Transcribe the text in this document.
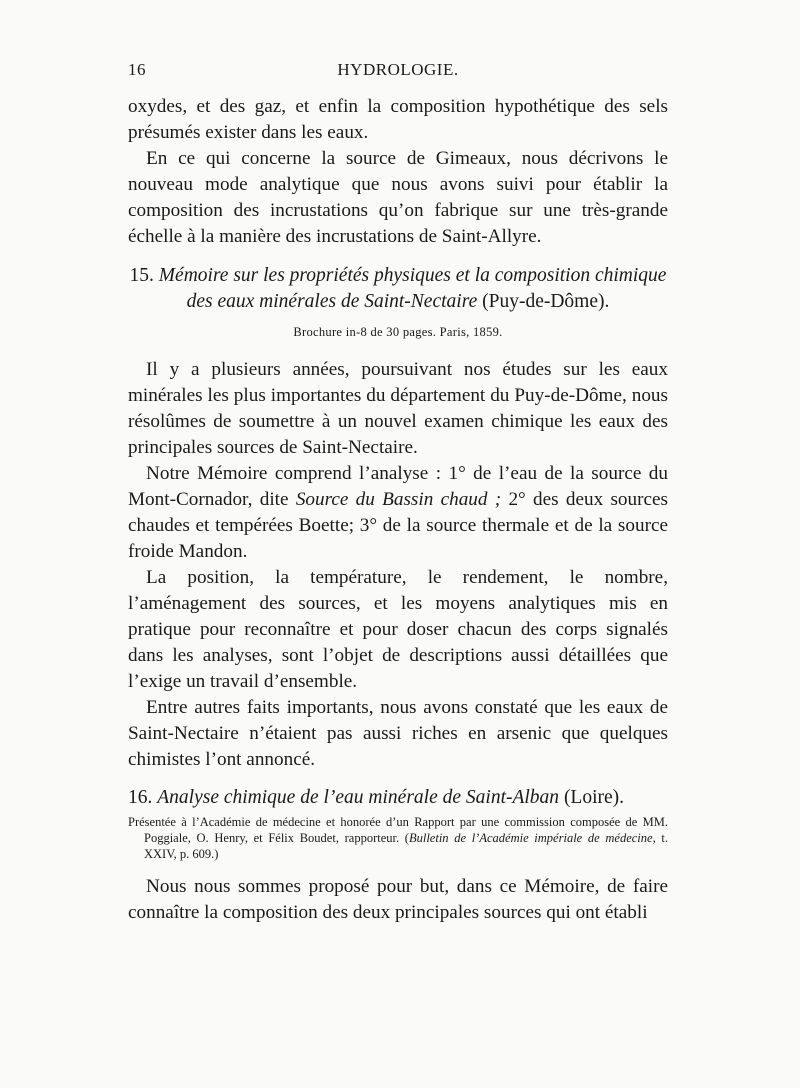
16	HYDROLOGIE.

oxydes, et des gaz, et enfin la composition hypothétique des sels présumés exister dans les eaux.

En ce qui concerne la source de Gimeaux, nous décrivons le nouveau mode analytique que nous avons suivi pour établir la composition des incrustations qu’on fabrique sur une très-grande échelle à la manière des incrustations de Saint-Allyre.

15. Mémoire sur les propriétés physiques et la composition chimique des eaux minérales de Saint-Nectaire (Puy-de-Dôme).

Brochure in-8 de 30 pages. Paris, 1859.

Il y a plusieurs années, poursuivant nos études sur les eaux minérales les plus importantes du département du Puy-de-Dôme, nous résolûmes de soumettre à un nouvel examen chimique les eaux des principales sources de Saint-Nectaire.

Notre Mémoire comprend l’analyse : 1° de l’eau de la source du Mont-Cornador, dite Source du Bassin chaud ; 2° des deux sources chaudes et tempérées Boette; 3° de la source thermale et de la source froide Mandon.

La position, la température, le rendement, le nombre, l’aménagement des sources, et les moyens analytiques mis en pratique pour reconnaître et pour doser chacun des corps signalés dans les analyses, sont l’objet de descriptions aussi détaillées que l’exige un travail d’ensemble.

Entre autres faits importants, nous avons constaté que les eaux de Saint-Nectaire n’étaient pas aussi riches en arsenic que quelques chimistes l’ont annoncé.

16. Analyse chimique de l’eau minérale de Saint-Alban (Loire).

Présentée à l’Académie de médecine et honorée d’un Rapport par une commission composée de MM. Poggiale, O. Henry, et Félix Boudet, rapporteur. (Bulletin de l’Académie impériale de médecine, t. XXIV, p. 609.)

Nous nous sommes proposé pour but, dans ce Mémoire, de faire connaître la composition des deux principales sources qui ont établi
